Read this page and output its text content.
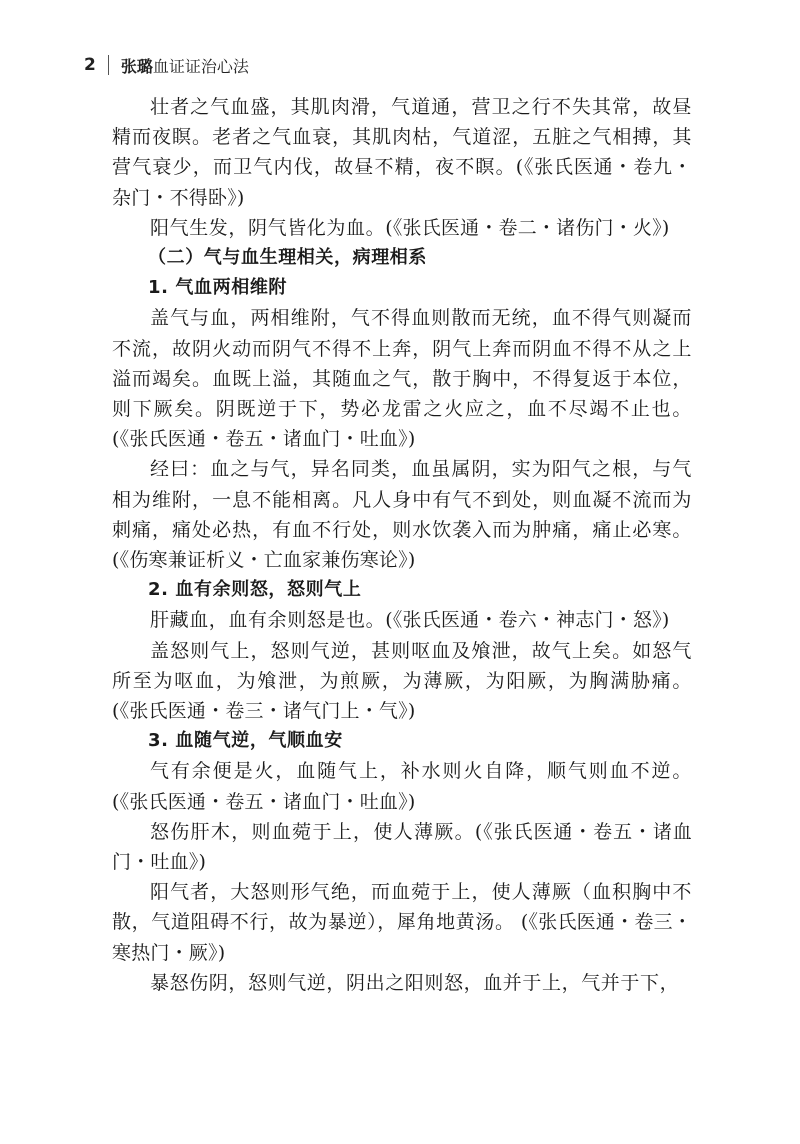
2 张璐 血证证治心法
壮者之气血盛，其肌肉滑，气道通，营卫之行不失其常，故昼精而夜瞑。老者之气血衰，其肌肉枯，气道涩，五脏之气相搏，其营气衰少，而卫气内伐，故昼不精，夜不瞑。(《张氏医通・卷九・杂门・不得卧》)
阳气生发，阴气皆化为血。(《张氏医通・卷二・诸伤门・火》)
（二）气与血生理相关，病理相系
1. 气血两相维附
盖气与血，两相维附，气不得血则散而无统，血不得气则凝而不流，故阴火动而阴气不得不上奔，阴气上奔而阴血不得不从之上溢而竭矣。血既上溢，其随血之气，散于胸中，不得复返于本位，则下厥矣。阴既逆于下，势必龙雷之火应之，血不尽竭不止也。(《张氏医通・卷五・诸血门・吐血》)
经曰：血之与气，异名同类，血虽属阴，实为阳气之根，与气相为维附，一息不能相离。凡人身中有气不到处，则血凝不流而为刺痛，痛处必热，有血不行处，则水饮袭入而为肿痛，痛止必寒。(《伤寒兼证析义・亡血家兼伤寒论》)
2. 血有余则怒，怒则气上
肝藏血，血有余则怒是也。(《张氏医通・卷六・神志门・怒》)
盖怒则气上，怒则气逆，甚则呕血及飧泄，故气上矣。如怒气所至为呕血，为飧泄，为煎厥，为薄厥，为阳厥，为胸满胁痛。(《张氏医通・卷三・诸气门上・气》)
3. 血随气逆，气顺血安
气有余便是火，血随气上，补水则火自降，顺气则血不逆。(《张氏医通・卷五・诸血门・吐血》)
怒伤肝木，则血菀于上，使人薄厥。(《张氏医通・卷五・诸血门・吐血》)
阳气者，大怒则形气绝，而血菀于上，使人薄厥（血积胸中不散，气道阻碍不行，故为暴逆），犀角地黄汤。 (《张氏医通・卷三・寒热门・厥》)
暴怒伤阴，怒则气逆，阴出之阳则怒，血并于上，气并于下，
